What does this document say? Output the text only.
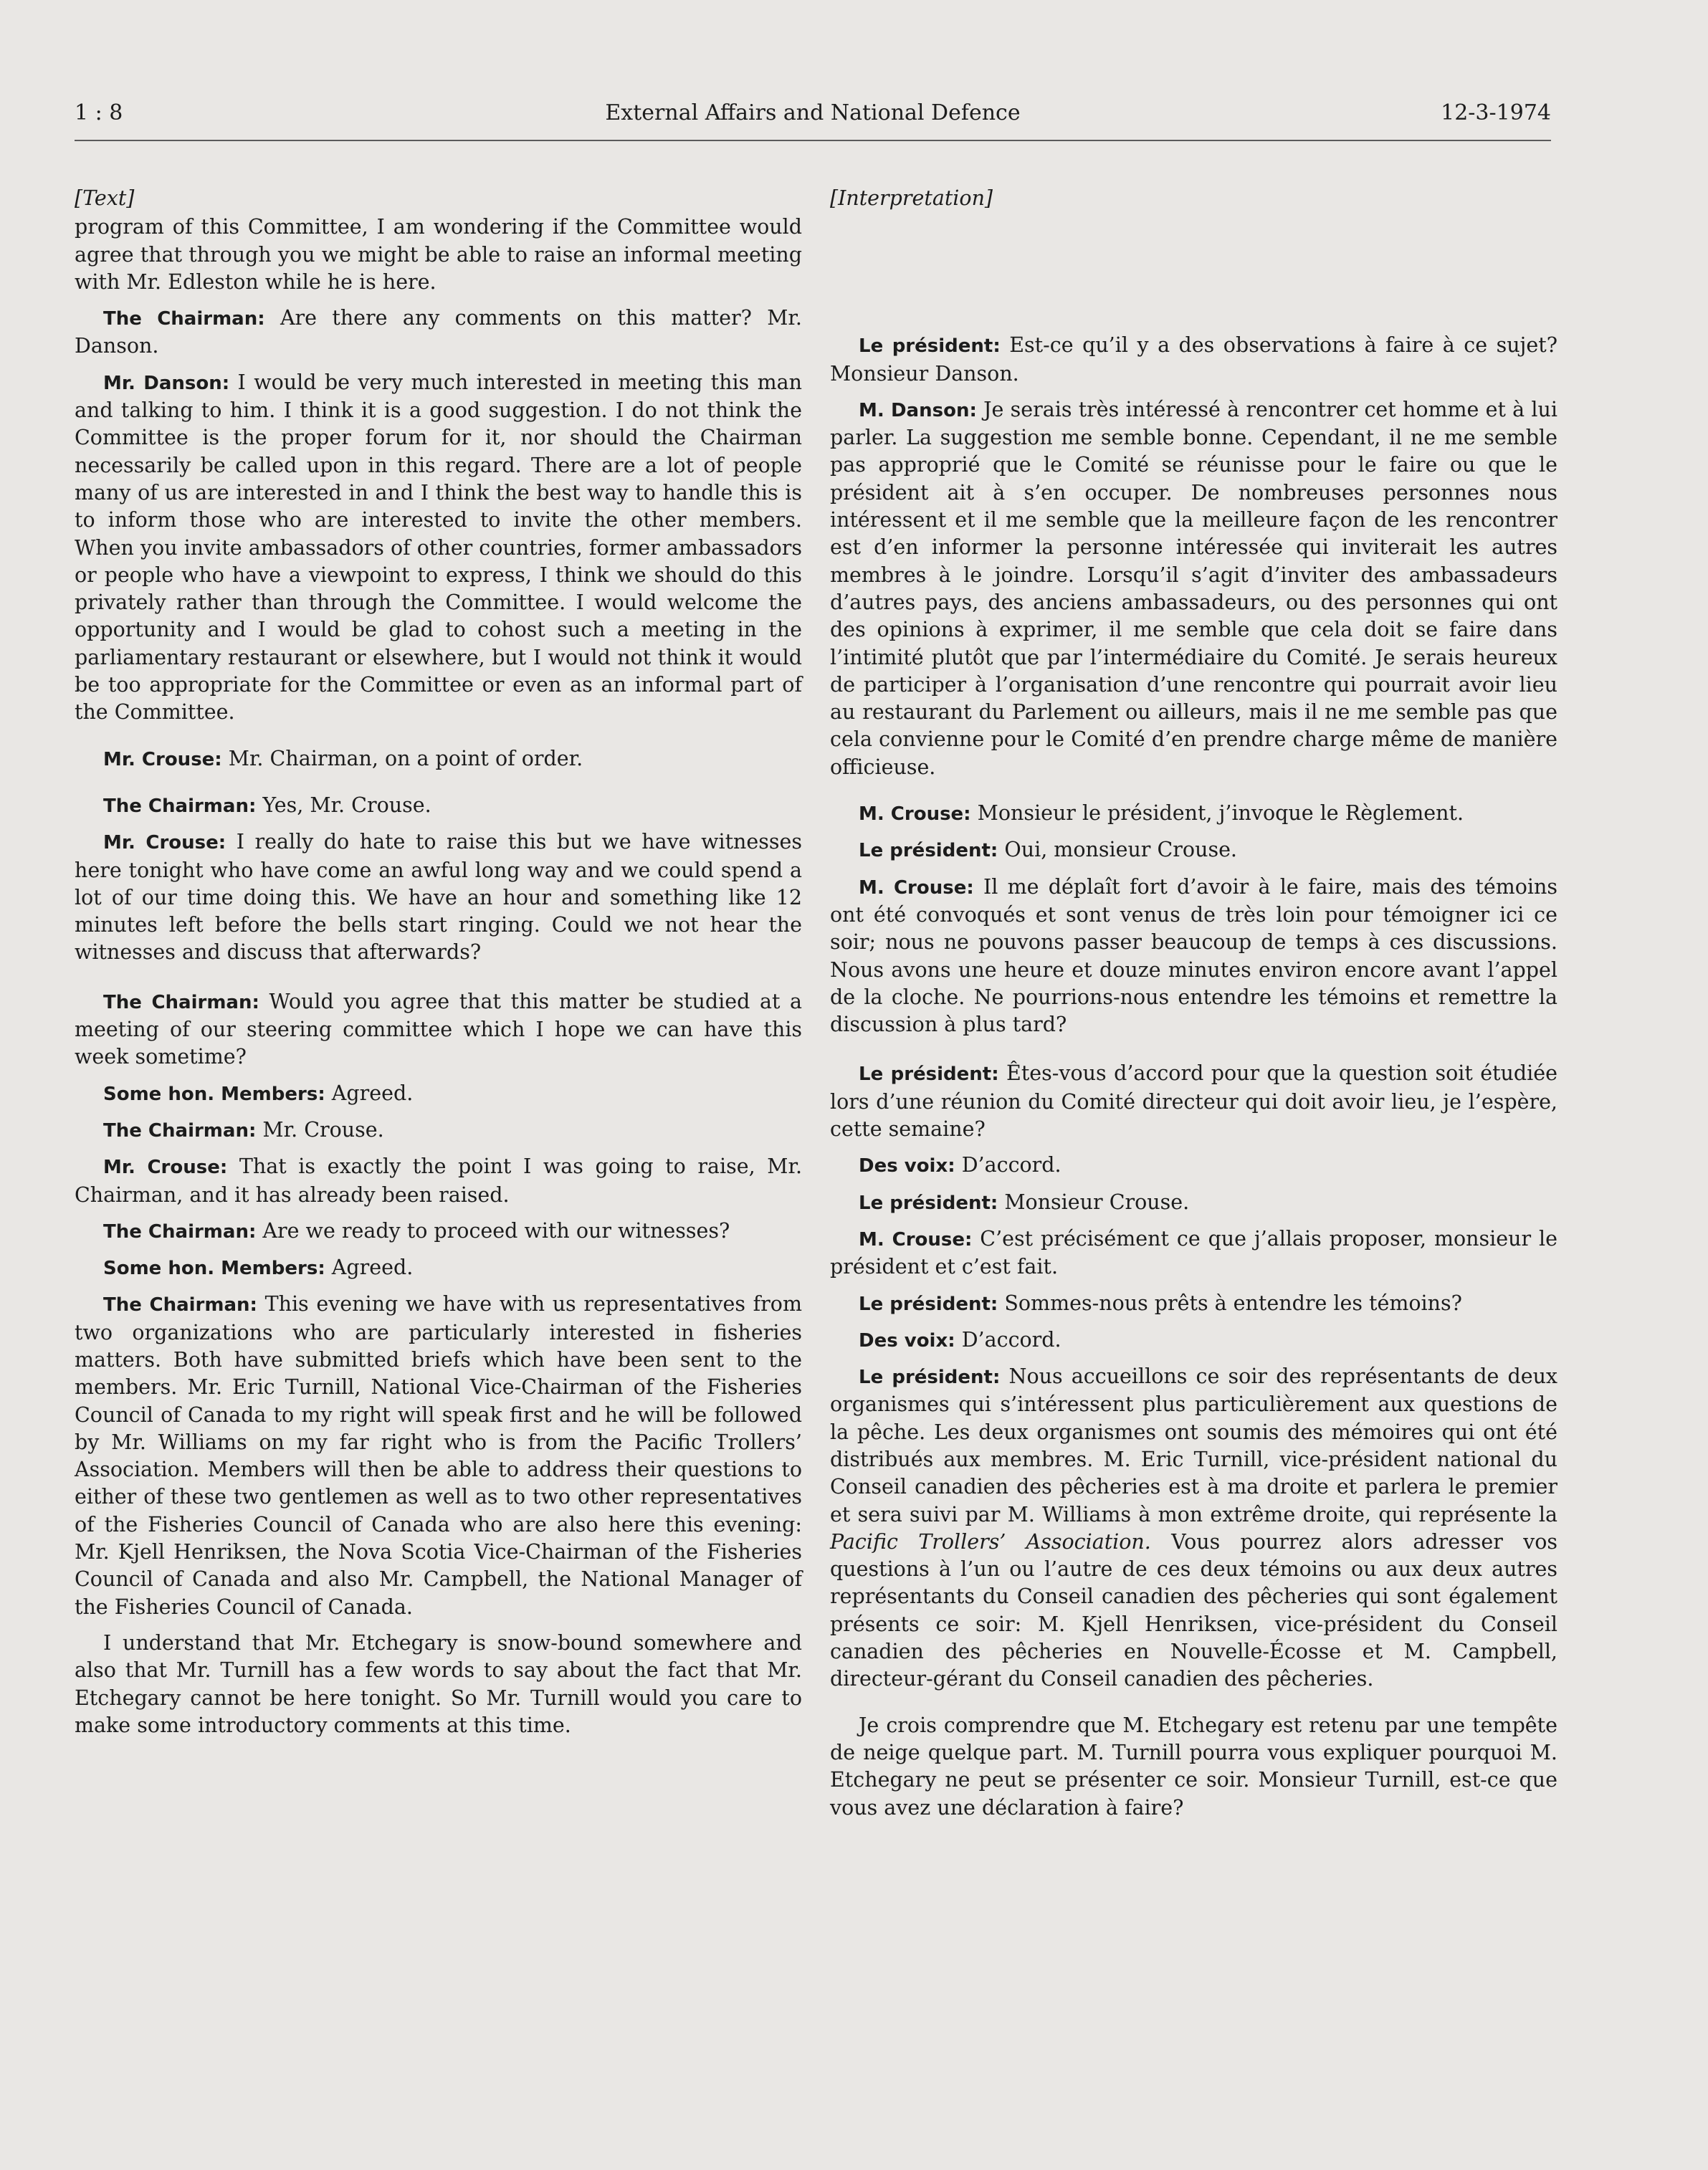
1 : 8	External Affairs and National Defence	12-3-1974

[Text]

program of this Committee, I am wondering if the Committee would agree that through you we might be able to raise an informal meeting with Mr. Edleston while he is here.

The Chairman: Are there any comments on this matter? Mr. Danson.

Mr. Danson: I would be very much interested in meeting this man and talking to him. I think it is a good suggestion. I do not think the Committee is the proper forum for it, nor should the Chairman necessarily be called upon in this regard. There are a lot of people many of us are interested in and I think the best way to handle this is to inform those who are interested to invite the other members. When you invite ambassadors of other countries, former ambassadors or people who have a viewpoint to express, I think we should do this privately rather than through the Committee. I would welcome the opportunity and I would be glad to cohost such a meeting in the parliamentary restaurant or elsewhere, but I would not think it would be too appropriate for the Committee or even as an informal part of the Committee.

Mr. Crouse: Mr. Chairman, on a point of order.

The Chairman: Yes, Mr. Crouse.

Mr. Crouse: I really do hate to raise this but we have witnesses here tonight who have come an awful long way and we could spend a lot of our time doing this. We have an hour and something like 12 minutes left before the bells start ringing. Could we not hear the witnesses and discuss that afterwards?

The Chairman: Would you agree that this matter be studied at a meeting of our steering committee which I hope we can have this week sometime?

Some hon. Members: Agreed.

The Chairman: Mr. Crouse.

Mr. Crouse: That is exactly the point I was going to raise, Mr. Chairman, and it has already been raised.

The Chairman: Are we ready to proceed with our witnesses?

Some hon. Members: Agreed.

The Chairman: This evening we have with us representatives from two organizations who are particularly interested in fisheries matters. Both have submitted briefs which have been sent to the members. Mr. Eric Turnill, National Vice-Chairman of the Fisheries Council of Canada to my right will speak first and he will be followed by Mr. Williams on my far right who is from the Pacific Trollers’ Association. Members will then be able to address their questions to either of these two gentlemen as well as to two other representatives of the Fisheries Council of Canada who are also here this evening: Mr. Kjell Henriksen, the Nova Scotia Vice-Chairman of the Fisheries Council of Canada and also Mr. Campbell, the National Manager of the Fisheries Council of Canada.

I understand that Mr. Etchegary is snow-bound somewhere and also that Mr. Turnill has a few words to say about the fact that Mr. Etchegary cannot be here tonight. So Mr. Turnill would you care to make some introductory comments at this time.

[Interpretation]

Le président: Est-ce qu’il y a des observations à faire à ce sujet? Monsieur Danson.

M. Danson: Je serais très intéressé à rencontrer cet homme et à lui parler. La suggestion me semble bonne. Cependant, il ne me semble pas approprié que le Comité se réunisse pour le faire ou que le président ait à s’en occuper. De nombreuses personnes nous intéressent et il me semble que la meilleure façon de les rencontrer est d’en informer la personne intéressée qui inviterait les autres membres à le joindre. Lorsqu’il s’agit d’inviter des ambassadeurs d’autres pays, des anciens ambassadeurs, ou des personnes qui ont des opinions à exprimer, il me semble que cela doit se faire dans l’intimité plutôt que par l’intermédiaire du Comité. Je serais heureux de participer à l’organisation d’une rencontre qui pourrait avoir lieu au restaurant du Parlement ou ailleurs, mais il ne me semble pas que cela convienne pour le Comité d’en prendre charge même de manière officieuse.

M. Crouse: Monsieur le président, j’invoque le Règlement.

Le président: Oui, monsieur Crouse.

M. Crouse: Il me déplaît fort d’avoir à le faire, mais des témoins ont été convoqués et sont venus de très loin pour témoigner ici ce soir; nous ne pouvons passer beaucoup de temps à ces discussions. Nous avons une heure et douze minutes environ encore avant l’appel de la cloche. Ne pourrions-nous entendre les témoins et remettre la discussion à plus tard?

Le président: Êtes-vous d’accord pour que la question soit étudiée lors d’une réunion du Comité directeur qui doit avoir lieu, je l’espère, cette semaine?

Des voix: D’accord.

Le président: Monsieur Crouse.

M. Crouse: C’est précisément ce que j’allais proposer, monsieur le président et c’est fait.

Le président: Sommes-nous prêts à entendre les témoins?

Des voix: D’accord.

Le président: Nous accueillons ce soir des représentants de deux organismes qui s’intéressent plus particulièrement aux questions de la pêche. Les deux organismes ont soumis des mémoires qui ont été distribués aux membres. M. Eric Turnill, vice-président national du Conseil canadien des pêcheries est à ma droite et parlera le premier et sera suivi par M. Williams à mon extrême droite, qui représente la Pacific Trollers’ Association. Vous pourrez alors adresser vos questions à l’un ou l’autre de ces deux témoins ou aux deux autres représentants du Conseil canadien des pêcheries qui sont également présents ce soir: M. Kjell Henriksen, vice-président du Conseil canadien des pêcheries en Nouvelle-Écosse et M. Campbell, directeur-gérant du Conseil canadien des pêcheries.

Je crois comprendre que M. Etchegary est retenu par une tempête de neige quelque part. M. Turnill pourra vous expliquer pourquoi M. Etchegary ne peut se présenter ce soir. Monsieur Turnill, est-ce que vous avez une déclaration à faire?
